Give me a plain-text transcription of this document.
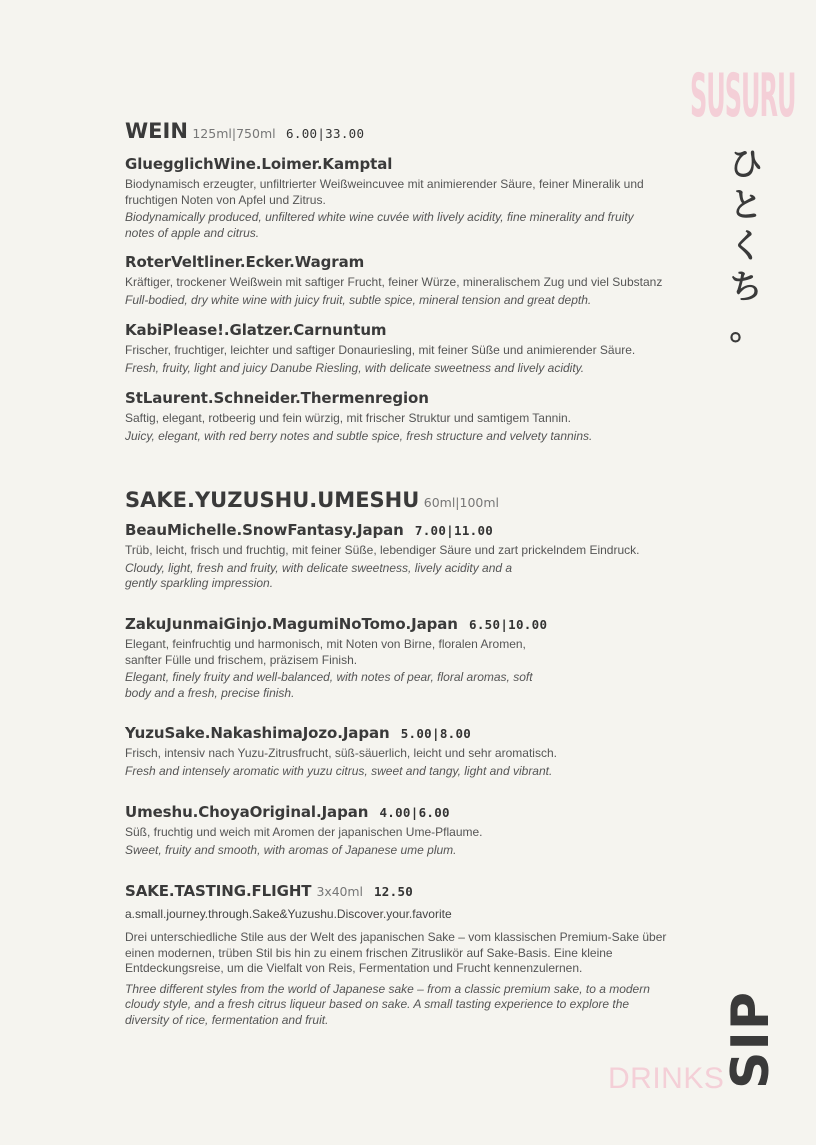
SUSURU
ひ
と
く
ち
。
WEIN 125ml|750ml 6.00|33.00
GluegglichWine.Loimer.Kamptal
Biodynamisch erzeugter, unfiltrierter Weißweincuvee mit animierender Säure, feiner Mineralik und fruchtigen Noten von Apfel und Zitrus.
Biodynamically produced, unfiltered white wine cuvée with lively acidity, fine minerality and fruity notes of apple and citrus.
RoterVeltliner.Ecker.Wagram
Kräftiger, trockener Weißwein mit saftiger Frucht, feiner Würze, mineralischem Zug und viel Substanz
Full-bodied, dry white wine with juicy fruit, subtle spice, mineral tension and great depth.
KabiPlease!.Glatzer.Carnuntum
Frischer, fruchtiger, leichter und saftiger Donauriesling, mit feiner Süße und animierender Säure.
Fresh, fruity, light and juicy Danube Riesling, with delicate sweetness and lively acidity.
StLaurent.Schneider.Thermenregion
Saftig, elegant, rotbeerig und fein würzig, mit frischer Struktur und samtigem Tannin.
Juicy, elegant, with red berry notes and subtle spice, fresh structure and velvety tannins.
SAKE.YUZUSHU.UMESHU 60ml|100ml
BeauMichelle.SnowFantasy.Japan 7.00|11.00
Trüb, leicht, frisch und fruchtig, mit feiner Süße, lebendiger Säure und zart prickelndem Eindruck.
Cloudy, light, fresh and fruity, with delicate sweetness, lively acidity and a gently sparkling impression.
ZakuJunmaiGinjo.MagumiNoTomo.Japan 6.50|10.00
Elegant, feinfruchtig und harmonisch, mit Noten von Birne, floralen Aromen, sanfter Fülle und frischem, präzisem Finish.
Elegant, finely fruity and well-balanced, with notes of pear, floral aromas, soft body and a fresh, precise finish.
YuzuSake.NakashimaJozo.Japan 5.00|8.00
Frisch, intensiv nach Yuzu-Zitrusfrucht, süß-säuerlich, leicht und sehr aromatisch.
Fresh and intensely aromatic with yuzu citrus, sweet and tangy, light and vibrant.
Umeshu.ChoyaOriginal.Japan 4.00|6.00
Süß, fruchtig und weich mit Aromen der japanischen Ume-Pflaume.
Sweet, fruity and smooth, with aromas of Japanese ume plum.
SAKE.TASTING.FLIGHT 3x40ml 12.50
a.small.journey.through.Sake&Yuzushu.Discover.your.favorite
Drei unterschiedliche Stile aus der Welt des japanischen Sake – vom klassischen Premium-Sake über einen modernen, trüben Stil bis hin zu einem frischen Zitruslikör auf Sake-Basis. Eine kleine Entdeckungsreise, um die Vielfalt von Reis, Fermentation und Frucht kennenzulernen.
Three different styles from the world of Japanese sake – from a classic premium sake, to a modern cloudy style, and a fresh citrus liqueur based on sake. A small tasting experience to explore the diversity of rice, fermentation and fruit.
DRINKS
SIP
